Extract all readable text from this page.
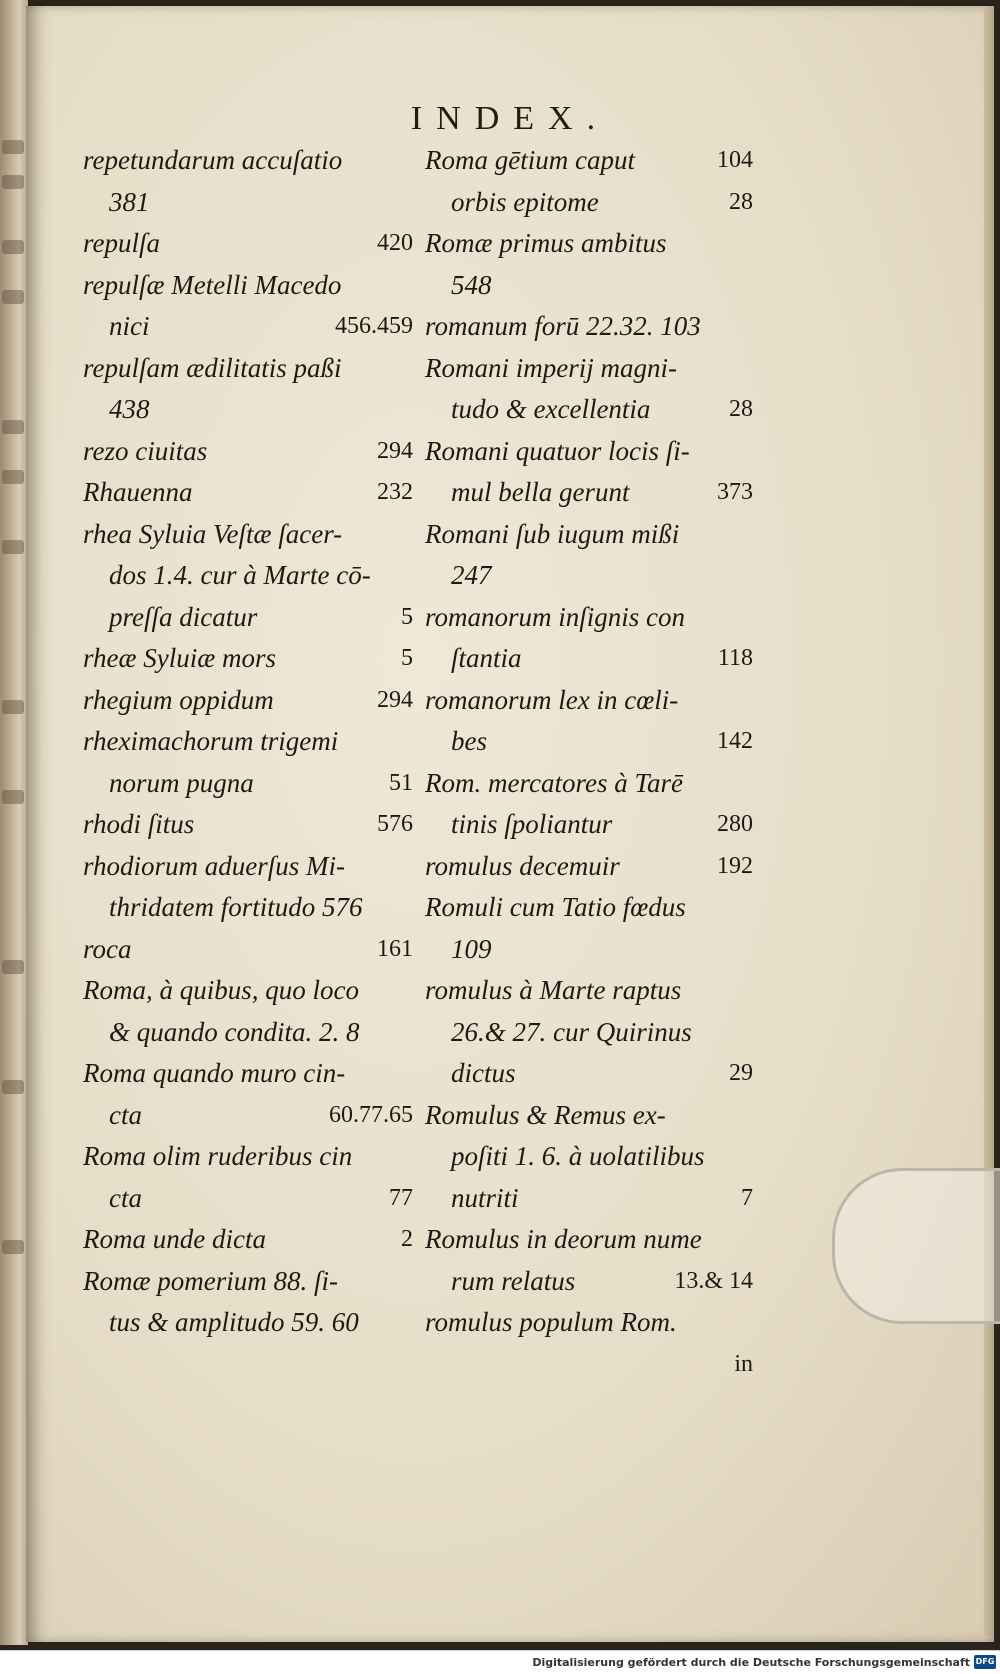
INDEX.
repetundarum accuſatio
381
repulſa	420
repulſæ Metelli Macedo
nici	456.459
repulſam ædilitatis paßi
438
rezo ciuitas	294
Rhauenna	232
rhea Syluia Veſtæ ſacer-
dos 1.4. cur à Marte cō-
preſſa dicatur	5
rheæ Syluiæ mors	5
rhegium oppidum	294
rheximachorum trigemi
norum pugna	51
rhodi ſitus	576
rhodiorum aduerſus Mi-
thridatem fortitudo 576
roca	161
Roma, à quibus, quo loco
& quando condita. 2. 8
Roma quando muro cin-
cta	60.77.65
Roma olim ruderibus cin
cta	77
Roma unde dicta	2
Romæ pomerium 88. ſi-
tus & amplitudo 59. 60
Roma gētium caput	104
orbis epitome	28
Romæ primus ambitus
548
romanum forū 22.32. 103
Romani imperij magni-
tudo & excellentia	28
Romani quatuor locis ſi-
mul bella gerunt	373
Romani ſub iugum mißi
247
romanorum inſignis con
ſtantia	118
romanorum lex in cœli-
bes	142
Rom. mercatores à Tarē
tinis ſpoliantur	280
romulus decemuir	192
Romuli cum Tatio fœdus
109
romulus à Marte raptus
26.& 27. cur Quirinus
dictus	29
Romulus & Remus ex-
poſiti 1. 6. à uolatilibus
nutriti	7
Romulus in deorum nume
rum relatus	13.& 14
romulus populum Rom.
in
Digitalisierung gefördert durch die Deutsche Forschungsgemeinschaft DFG
